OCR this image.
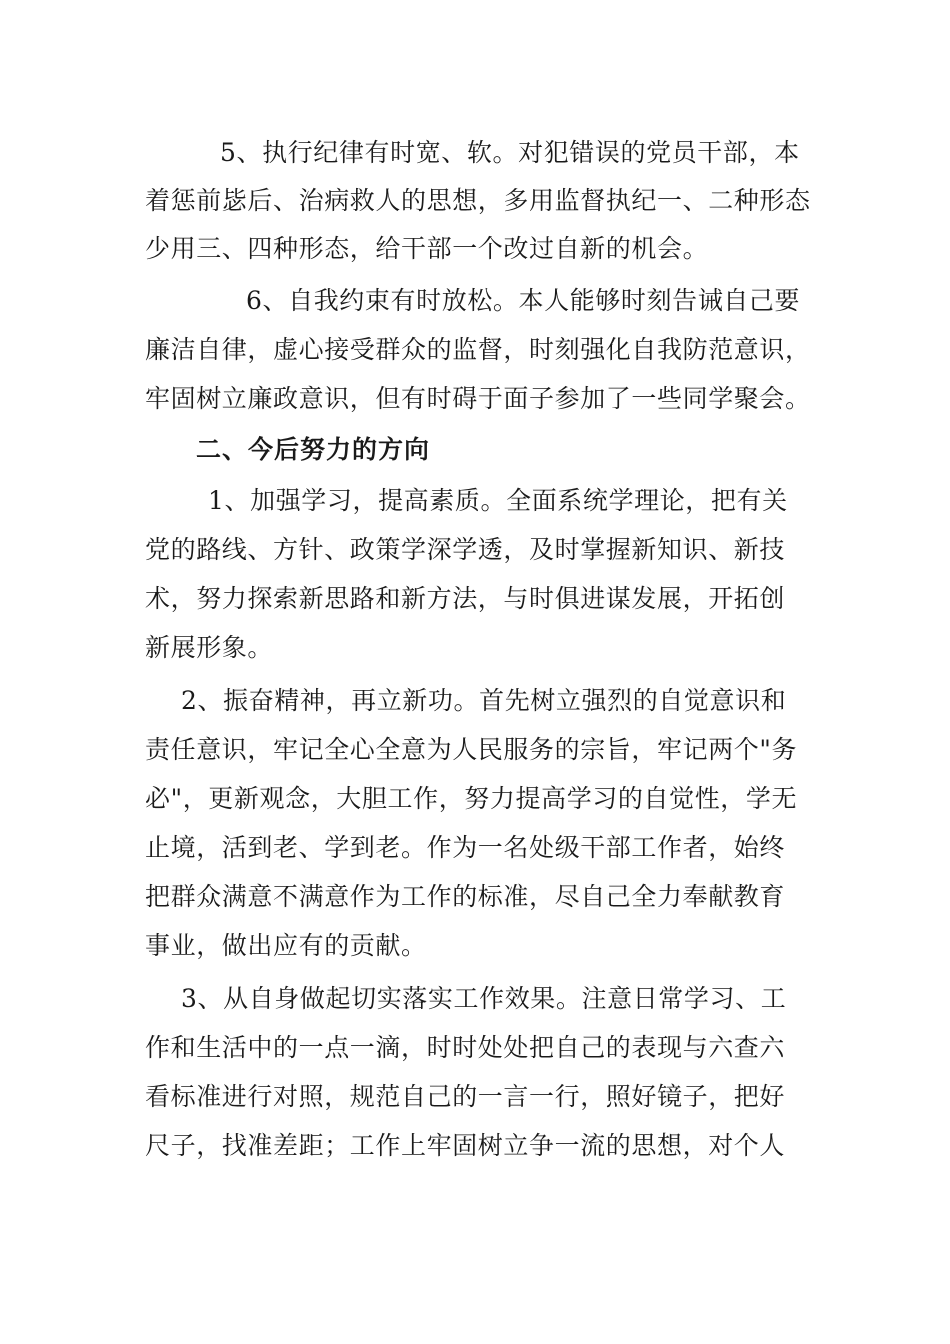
5、执行纪律有时宽、软。对犯错误的党员干部，本
着惩前毖后、治病救人的思想，多用监督执纪一、二种形态
少用三、四种形态，给干部一个改过自新的机会。
6、自我约束有时放松。本人能够时刻告诫自己要
廉洁自律，虚心接受群众的监督，时刻强化自我防范意识，
牢固树立廉政意识，但有时碍于面子参加了一些同学聚会。
二、今后努力的方向
1、加强学习，提高素质。全面系统学理论，把有关
党的路线、方针、政策学深学透，及时掌握新知识、新技
术，努力探索新思路和新方法，与时俱进谋发展，开拓创
新展形象。
2、振奋精神，再立新功。首先树立强烈的自觉意识和
责任意识，牢记全心全意为人民服务的宗旨，牢记两个"务
必"，更新观念，大胆工作，努力提高学习的自觉性，学无
止境，活到老、学到老。作为一名处级干部工作者，始终
把群众满意不满意作为工作的标准，尽自己全力奉献教育
事业，做出应有的贡献。
3、从自身做起切实落实工作效果。注意日常学习、工
作和生活中的一点一滴，时时处处把自己的表现与六查六
看标准进行对照，规范自己的一言一行，照好镜子，把好
尺子，找准差距；工作上牢固树立争一流的思想，对个人
